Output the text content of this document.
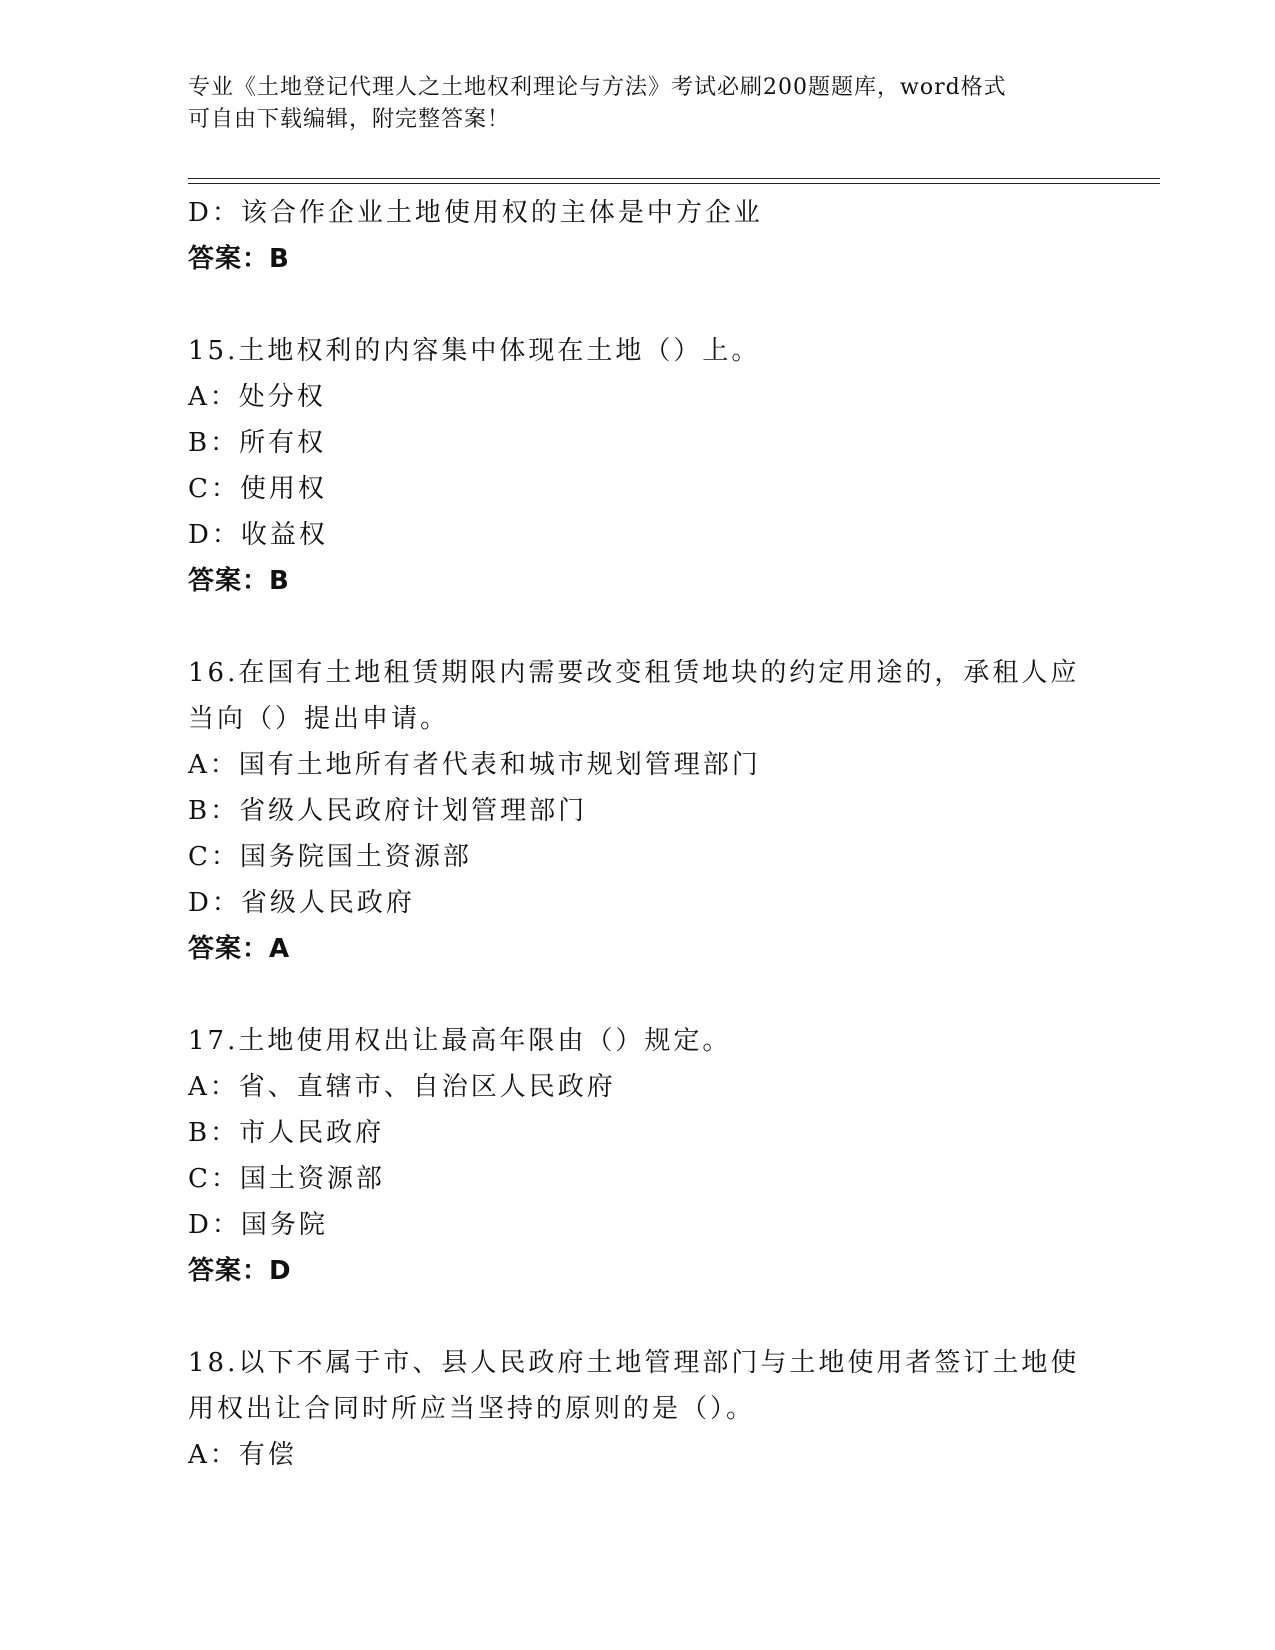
专业《土地登记代理人之土地权利理论与方法》考试必刷200题题库，word格式
可自由下载编辑，附完整答案！
D：该合作企业土地使用权的主体是中方企业
答案：B
15.土地权利的内容集中体现在土地（）上。
A：处分权
B：所有权
C：使用权
D：收益权
答案：B
16.在国有土地租赁期限内需要改变租赁地块的约定用途的，承租人应
当向（）提出申请。
A：国有土地所有者代表和城市规划管理部门
B：省级人民政府计划管理部门
C：国务院国土资源部
D：省级人民政府
答案：A
17.土地使用权出让最高年限由（）规定。
A：省、直辖市、自治区人民政府
B：市人民政府
C：国土资源部
D：国务院
答案：D
18.以下不属于市、县人民政府土地管理部门与土地使用者签订土地使
用权出让合同时所应当坚持的原则的是（）。
A：有偿
